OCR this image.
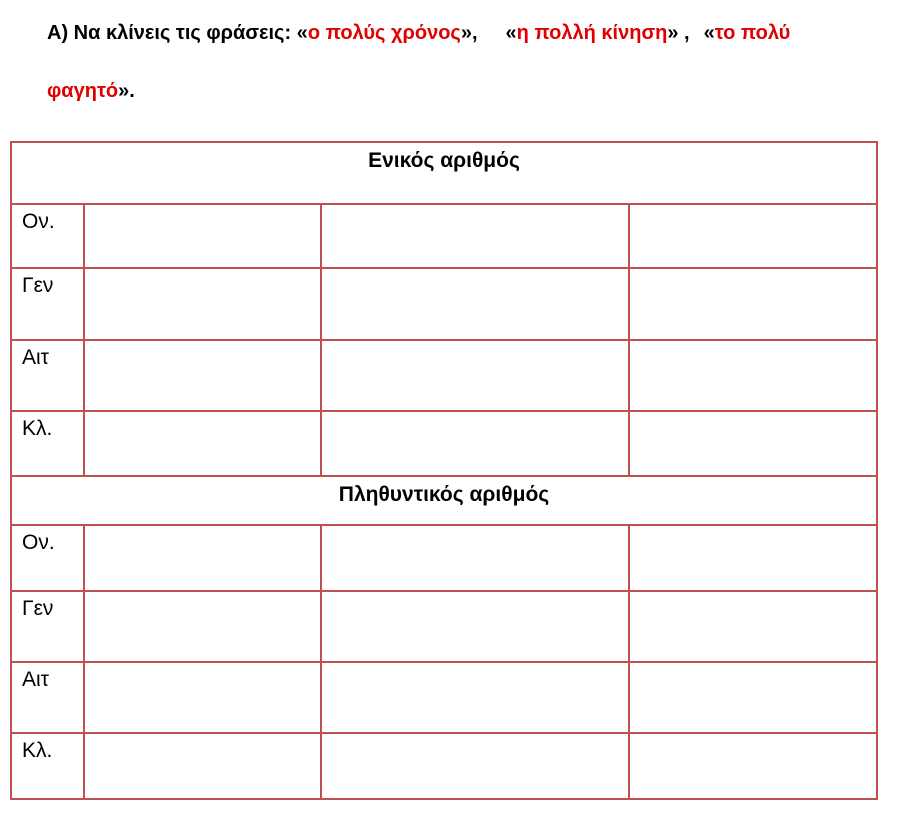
Α) Να κλίνεις τις φράσεις: «ο πολύς χρόνος», «η πολλή κίνηση» , «το πολύ φαγητό».

Ενικός αριθμός			
Ον.			
Γεν			
Αιτ			
Κλ.			
Πληθυντικός αριθμός			
Ον.			
Γεν			
Αιτ			
Κλ.			
